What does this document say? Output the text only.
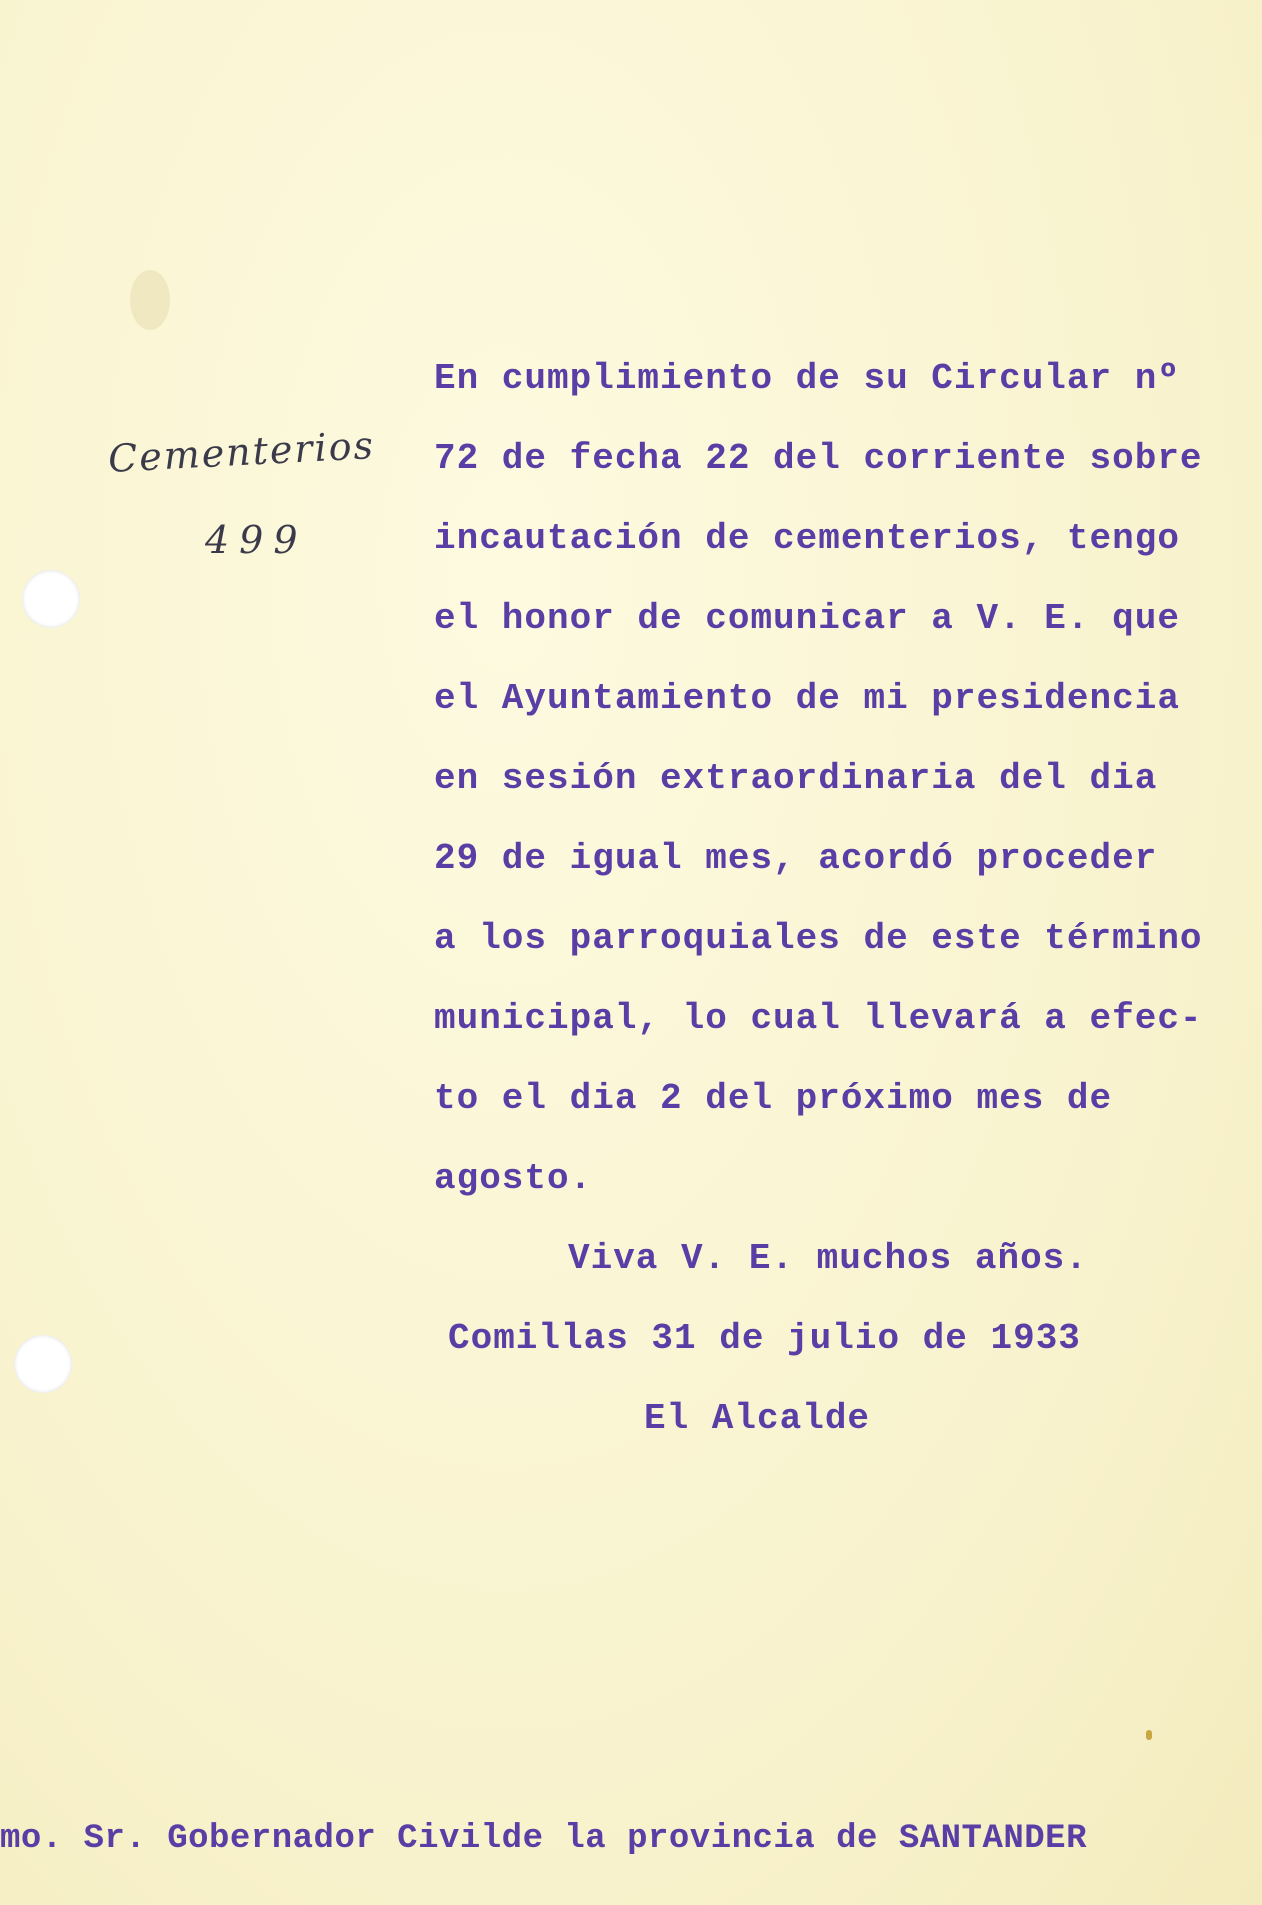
Cementerios
499
En cumplimiento de su Circular nº
72 de fecha 22 del corriente sobre
incautación de cementerios, tengo
el honor de comunicar a V. E. que
el Ayuntamiento de mi presidencia
en sesión extraordinaria del dia
29 de igual mes, acordó proceder
a los parroquiales de este término
municipal, lo cual llevará a efec-
to el dia 2 del próximo mes de
agosto.
Viva V. E. muchos años.
Comillas 31 de julio de 1933
El Alcalde
mo. Sr. Gobernador Civilde la provincia de SANTANDER
